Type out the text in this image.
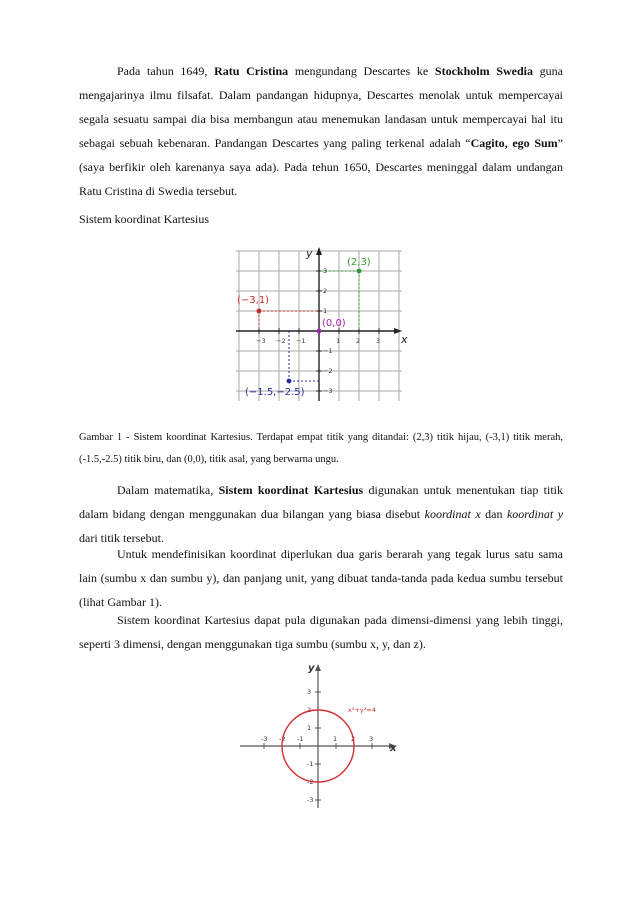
Pada tahun 1649, Ratu Cristina mengundang Descartes ke Stockholm Swedia guna mengajarinya ilmu filsafat. Dalam pandangan hidupnya, Descartes menolak untuk mempercayai segala sesuatu sampai dia bisa membangun atau menemukan landasan untuk mempercayai hal itu sebagai sebuah kebenaran. Pandangan Descartes yang paling terkenal adalah “Cagito, ego Sum” (saya berfikir oleh karenanya saya ada). Pada tehun 1650, Descartes meninggal dalam undangan Ratu Cristina di Swedia tersebut.

Sistem koordinat Kartesius

x
y
−3 −2 −1	1 2 3
3
2
1
−1
−2
−3
(2,3)
(−3,1)
(−1.5,−2.5)
(0,0)

Gambar 1 - Sistem koordinat Kartesius. Terdapat empat titik yang ditandai: (2,3) titik hijau, (-3,1) titik merah, (-1.5,-2.5) titik biru, dan (0,0), titik asal, yang berwarna ungu.

Dalam matematika, Sistem koordinat Kartesius digunakan untuk menentukan tiap titik dalam bidang dengan menggunakan dua bilangan yang biasa disebut koordinat x dan koordinat y dari titik tersebut.

Untuk mendefinisikan koordinat diperlukan dua garis berarah yang tegak lurus satu sama lain (sumbu x dan sumbu y), dan panjang unit, yang dibuat tanda-tanda pada kedua sumbu tersebut (lihat Gambar 1).

Sistem koordinat Kartesius dapat pula digunakan pada dimensi-dimensi yang lebih tinggi, seperti 3 dimensi, dengan menggunakan tiga sumbu (sumbu x, y, dan z).

x
y
-3 -2 -1	1 2 3
3
2
1
-1
-2
-3
x²+y²=4
